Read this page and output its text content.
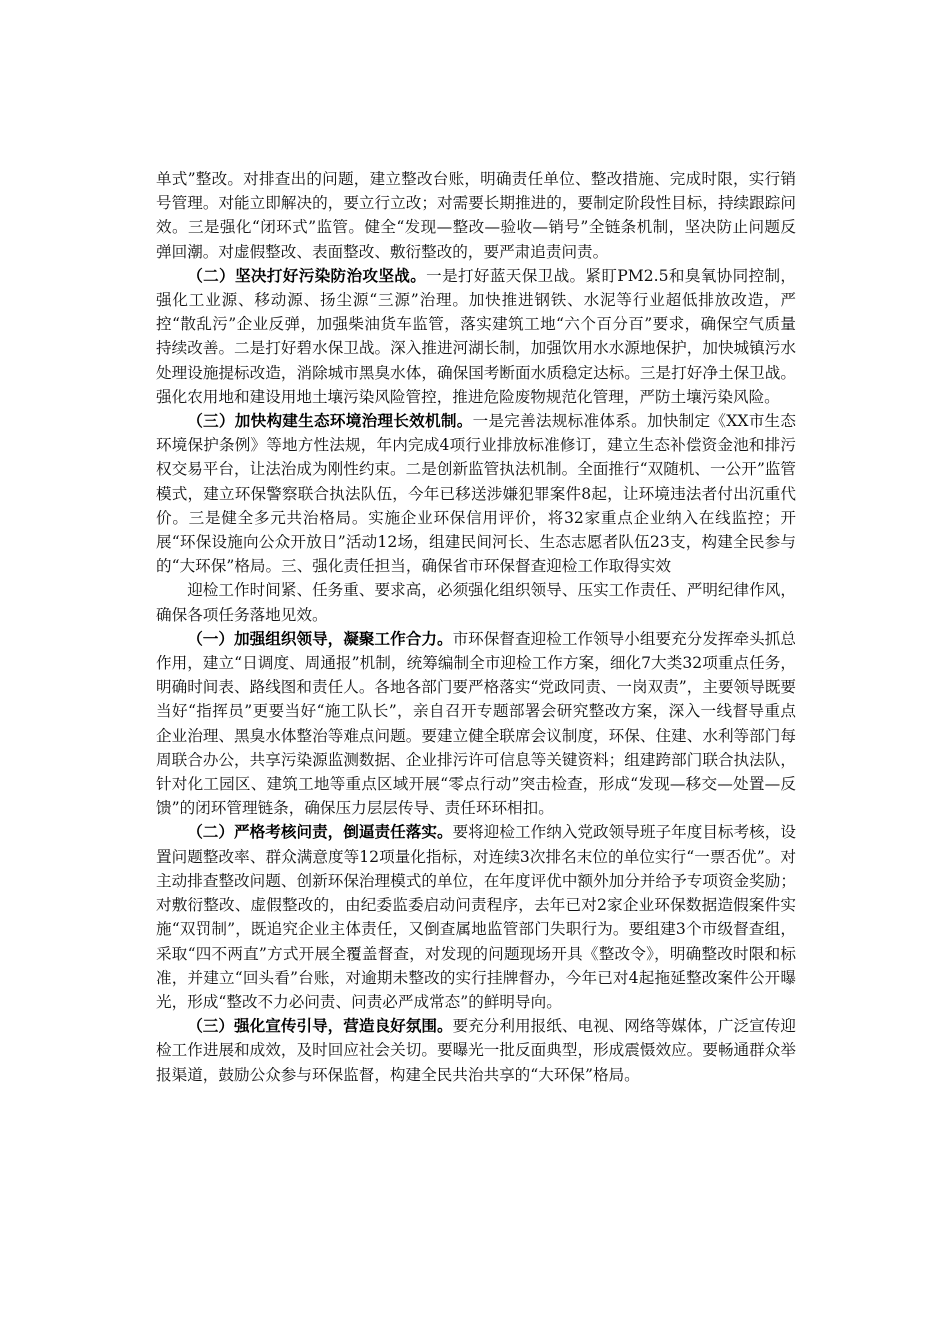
单式”整改。对排查出的问题，建立整改台账，明确责任单位、整改措施、完成时限，实行销号管理。对能立即解决的，要立行立改；对需要长期推进的，要制定阶段性目标，持续跟踪问效。三是强化“闭环式”监管。健全“发现—整改—验收—销号”全链条机制，坚决防止问题反弹回潮。对虚假整改、表面整改、敷衍整改的，要严肃追责问责。

（二）坚决打好污染防治攻坚战。一是打好蓝天保卫战。紧盯PM2.5和臭氧协同控制，强化工业源、移动源、扬尘源“三源”治理。加快推进钢铁、水泥等行业超低排放改造，严控“散乱污”企业反弹，加强柴油货车监管，落实建筑工地“六个百分百”要求，确保空气质量持续改善。二是打好碧水保卫战。深入推进河湖长制，加强饮用水水源地保护，加快城镇污水处理设施提标改造，消除城市黑臭水体，确保国考断面水质稳定达标。三是打好净土保卫战。强化农用地和建设用地土壤污染风险管控，推进危险废物规范化管理，严防土壤污染风险。

（三）加快构建生态环境治理长效机制。一是完善法规标准体系。加快制定《XX市生态环境保护条例》等地方性法规，年内完成4项行业排放标准修订，建立生态补偿资金池和排污权交易平台，让法治成为刚性约束。二是创新监管执法机制。全面推行“双随机、一公开”监管模式，建立环保警察联合执法队伍，今年已移送涉嫌犯罪案件8起，让环境违法者付出沉重代价。三是健全多元共治格局。实施企业环保信用评价，将32家重点企业纳入在线监控；开展“环保设施向公众开放日”活动12场，组建民间河长、生态志愿者队伍23支，构建全民参与的“大环保”格局。三、强化责任担当，确保省市环保督查迎检工作取得实效

迎检工作时间紧、任务重、要求高，必须强化组织领导、压实工作责任、严明纪律作风，确保各项任务落地见效。

（一）加强组织领导，凝聚工作合力。市环保督查迎检工作领导小组要充分发挥牵头抓总作用，建立“日调度、周通报”机制，统筹编制全市迎检工作方案，细化7大类32项重点任务，明确时间表、路线图和责任人。各地各部门要严格落实“党政同责、一岗双责”，主要领导既要当好“指挥员”更要当好“施工队长”，亲自召开专题部署会研究整改方案，深入一线督导重点企业治理、黑臭水体整治等难点问题。要建立健全联席会议制度，环保、住建、水利等部门每周联合办公，共享污染源监测数据、企业排污许可信息等关键资料；组建跨部门联合执法队，针对化工园区、建筑工地等重点区域开展“零点行动”突击检查，形成“发现—移交—处置—反馈”的闭环管理链条，确保压力层层传导、责任环环相扣。

（二）严格考核问责，倒逼责任落实。要将迎检工作纳入党政领导班子年度目标考核，设置问题整改率、群众满意度等12项量化指标，对连续3次排名末位的单位实行“一票否优”。对主动排查整改问题、创新环保治理模式的单位，在年度评优中额外加分并给予专项资金奖励；对敷衍整改、虚假整改的，由纪委监委启动问责程序，去年已对2家企业环保数据造假案件实施“双罚制”，既追究企业主体责任，又倒查属地监管部门失职行为。要组建3个市级督查组，采取“四不两直”方式开展全覆盖督查，对发现的问题现场开具《整改令》，明确整改时限和标准，并建立“回头看”台账，对逾期未整改的实行挂牌督办，今年已对4起拖延整改案件公开曝光，形成“整改不力必问责、问责必严成常态”的鲜明导向。

（三）强化宣传引导，营造良好氛围。要充分利用报纸、电视、网络等媒体，广泛宣传迎检工作进展和成效，及时回应社会关切。要曝光一批反面典型，形成震慑效应。要畅通群众举报渠道，鼓励公众参与环保监督，构建全民共治共享的“大环保”格局。
